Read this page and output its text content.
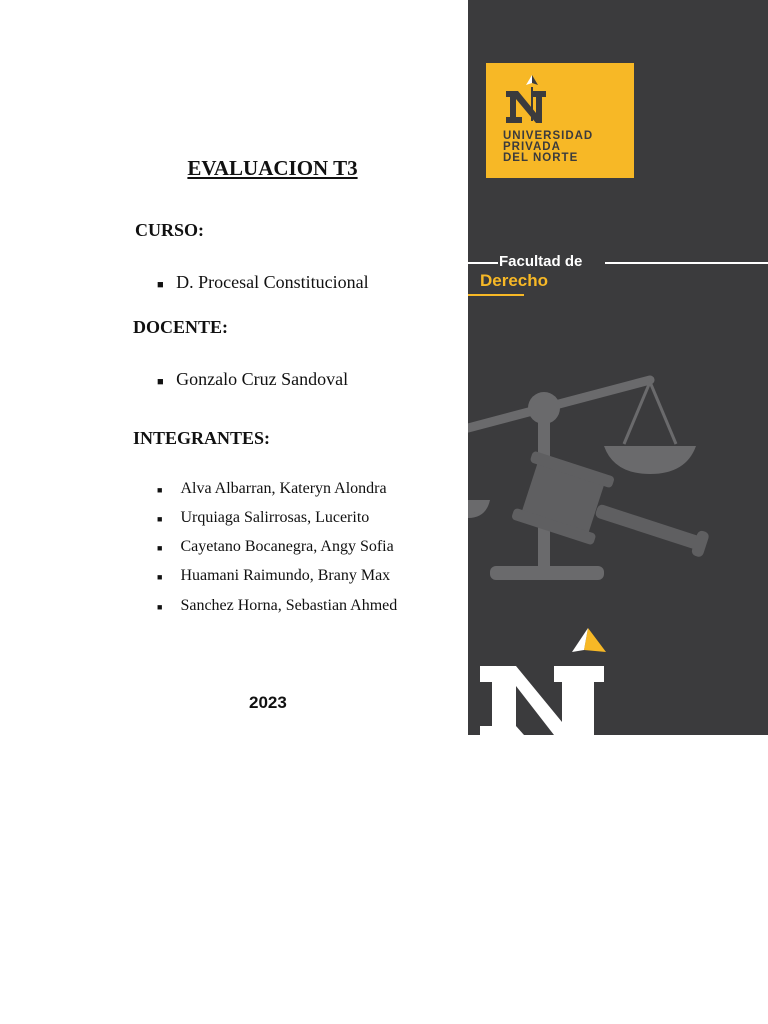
EVALUACION T3
CURSO:
■ D. Procesal Constitucional
DOCENTE:
■ Gonzalo Cruz Sandoval
INTEGRANTES:
■ Alva Albarran, Kateryn Alondra
■ Urquiaga Salirrosas, Lucerito
■ Cayetano Bocanegra, Angy Sofia
■ Huamani Raimundo, Brany Max
■ Sanchez Horna, Sebastian Ahmed
2023
UNIVERSIDAD
PRIVADA
DEL NORTE
Facultad de
Derecho
